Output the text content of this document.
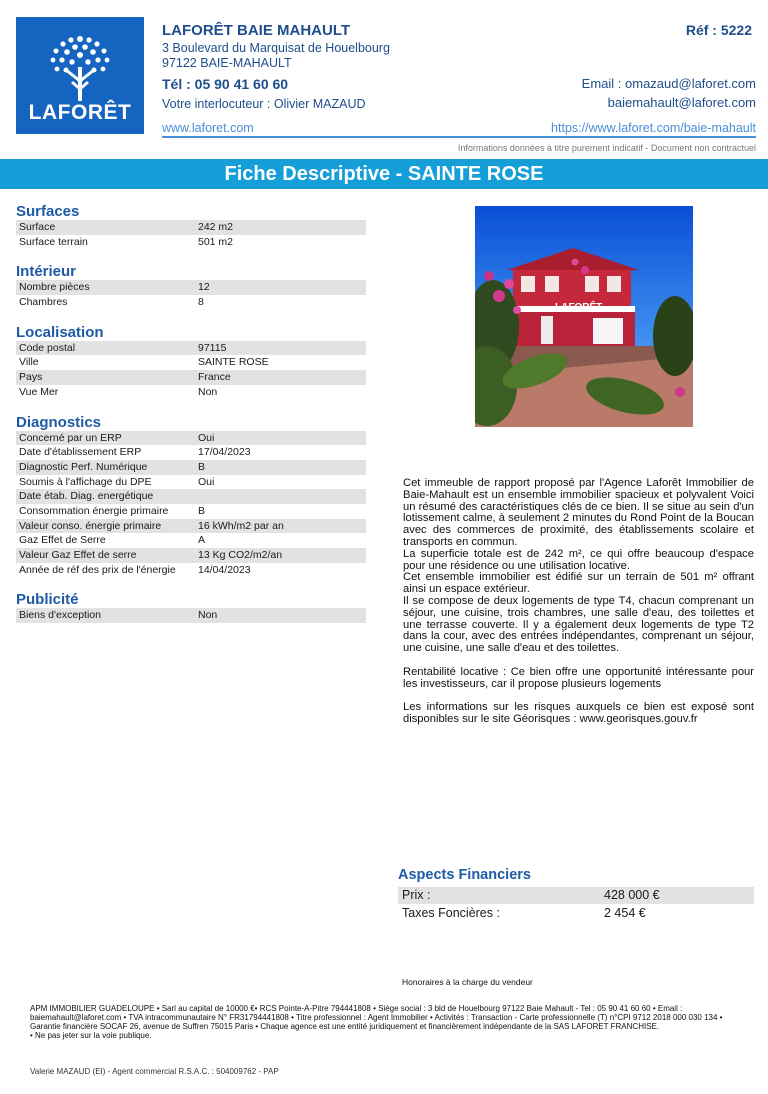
LAFORÊT
LAFORÊT BAIE MAHAULT
3 Boulevard du Marquisat de Houelbourg
97122 BAIE-MAHAULT
Tél : 05 90 41 60 60
Votre interlocuteur : Olivier MAZAUD
Réf : 5222
Email : omazaud@laforet.com
baiemahault@laforet.com
www.laforet.com	https://www.laforet.com/baie-mahault
Informations données à titre purement indicatif - Document non contractuel
Fiche Descriptive - SAINTE ROSE
Surfaces
Surface	242 m2
Surface terrain	501 m2
Intérieur
Nombre pièces	12
Chambres	8
Localisation
Code postal	97115
Ville	SAINTE ROSE
Pays	France
Vue Mer	Non
Diagnostics
Concerné par un ERP	Oui
Date d'établissement ERP	17/04/2023
Diagnostic Perf. Numérique	B
Soumis à l'affichage du DPE	Oui
Date étab. Diag. energétique
Consommation énergie primaire	B
Valeur conso. énergie primaire	16 kWh/m2 par an
Gaz Effet de Serre	A
Valeur Gaz Effet de serre	13 Kg CO2/m2/an
Année de réf des prix de l'énergie	14/04/2023
Publicité
Biens d'exception	Non
LAFORÊT

Cet immeuble de rapport proposé par l'Agence Laforêt Immobilier de Baie-Mahault est un ensemble immobilier spacieux et polyvalent Voici un résumé des caractéristiques clés de ce bien. Il se situe au sein d'un lotissement calme, à seulement 2 minutes du Rond Point de la Boucan avec des commerces de proximité, des établissements scolaire et transports en commun.

La superficie totale est de 242 m², ce qui offre beaucoup d'espace pour une résidence ou une utilisation locative.

Cet ensemble immobilier est édifié sur un terrain de 501 m² offrant ainsi un espace extérieur.

Il se compose de deux logements de type T4, chacun comprenant un séjour, une cuisine, trois chambres, une salle d'eau, des toilettes et une terrasse couverte. Il y a également deux logements de type T2 dans la cour, avec des entrées indépendantes, comprenant un séjour, une cuisine, une salle d'eau et des toilettes.

Rentabilité locative : Ce bien offre une opportunité intéressante pour les investisseurs, car il propose plusieurs logements

Les informations sur les risques auxquels ce bien est exposé sont disponibles sur le site Géorisques : www.georisques.gouv.fr

Aspects Financiers
Prix :	428 000 €
Taxes Foncières :	2 454 €
Honoraires à la charge du vendeur
APM IMMOBILIER GUADELOUPE • Sarl au capital de 10000 €• RCS Pointe-A-Pitre 794441808 • Siège social : 3 bld de Houelbourg 97122 Baie Mahault - Tel : 05 90 41 60 60 • Email : baiemahault@laforet.com • TVA intracommunautaire N° FR31794441808 • Titre professionnel : Agent Immobilier • Activités : Transaction - Carte professionnelle (T) n°CPI 9712 2018 000 030 134 • Garantie financière SOCAF 26, avenue de Suffren 75015 Paris • Chaque agence est une entité juridiquement et financièrement indépendante de la SAS LAFORET FRANCHISE.
• Ne pas jeter sur la voie publique.
Valerie MAZAUD (EI) - Agent commercial R.S.A.C. : 504009762 - PAP
